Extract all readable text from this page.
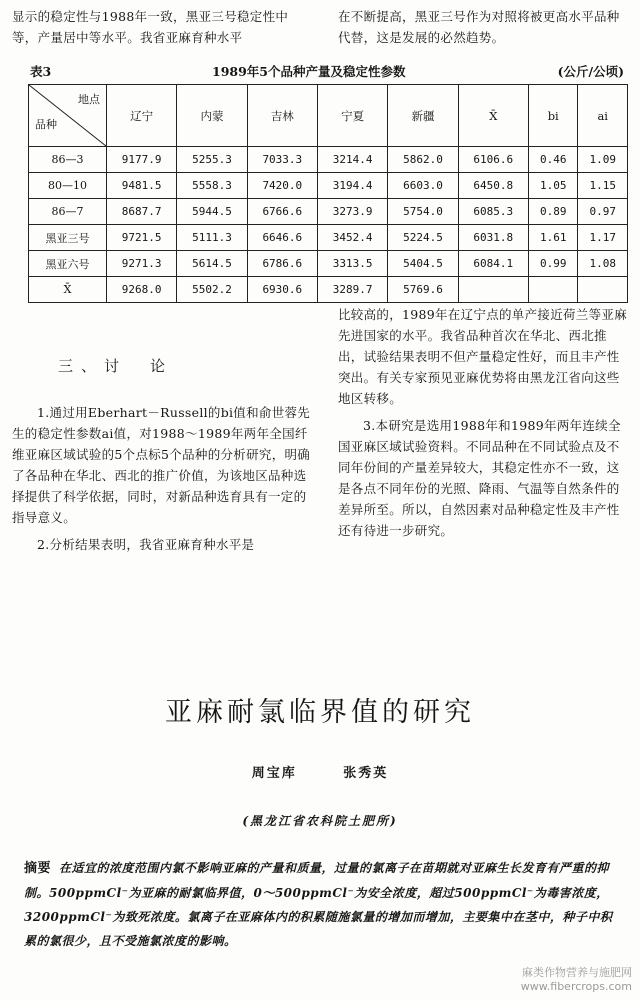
显示的稳定性与1988年一致，黑亚三号稳定性中等，产量居中等水平。我省亚麻育种水平

在不断提高，黑亚三号作为对照将被更高水平品种代替，这是发展的必然趋势。

表3	1989年5个品种产量及稳定性参数	(公斤/公顷)
地点
品种	辽宁	内蒙	吉林	宁夏	新疆	X̄	bi	ai
86—3	9177.9	5255.3	7033.3	3214.4	5862.0	6106.6	0.46	1.09
80—10	9481.5	5558.3	7420.0	3194.4	6603.0	6450.8	1.05	1.15
86—7	8687.7	5944.5	6766.6	3273.9	5754.0	6085.3	0.89	0.97
黑亚三号	9721.5	5111.3	6646.6	3452.4	5224.5	6031.8	1.61	1.17
黑亚六号	9271.3	5614.5	6786.6	3313.5	5404.5	6084.1	0.99	1.08
X̄	9268.0	5502.2	6930.6	3289.7	5769.6			
三、讨　论

1.通过用Eberhart－Russell的bi值和俞世蓉先生的稳定性参数ai值，对1988～1989年两年全国纤维亚麻区域试验的5个点标5个品种的分析研究，明确了各品种在华北、西北的推广价值，为该地区品种选择提供了科学依据，同时，对新品种选育具有一定的指导意义。

2.分析结果表明，我省亚麻育种水平是

比较高的，1989年在辽宁点的单产接近荷兰等亚麻先进国家的水平。我省品种首次在华北、西北推出，试验结果表明不但产量稳定性好，而且丰产性突出。有关专家预见亚麻优势将由黑龙江省向这些地区转移。

3.本研究是选用1988年和1989年两年连续全国亚麻区域试验资料。不同品种在不同试验点及不同年份间的产量差异较大，其稳定性亦不一致，这是各点不同年份的光照、降雨、气温等自然条件的差异所至。所以，自然因素对品种稳定性及丰产性还有待进一步研究。

亚麻耐氯临界值的研究
周宝库 张秀英
(黑龙江省农科院土肥所)
摘要 在适宜的浓度范围内氯不影响亚麻的产量和质量，过量的氯离子在苗期就对亚麻生长发育有严重的抑制。500ppmCl⁻为亚麻的耐氯临界值，0～500ppmCl⁻为安全浓度，超过500ppmCl⁻为毒害浓度，3200ppmCl⁻为致死浓度。氯离子在亚麻体内的积累随施氯量的增加而增加，主要集中在茎中，种子中积累的氯很少，且不受施氯浓度的影响。
麻类作物营养与施肥网
www.fibercrops.com
